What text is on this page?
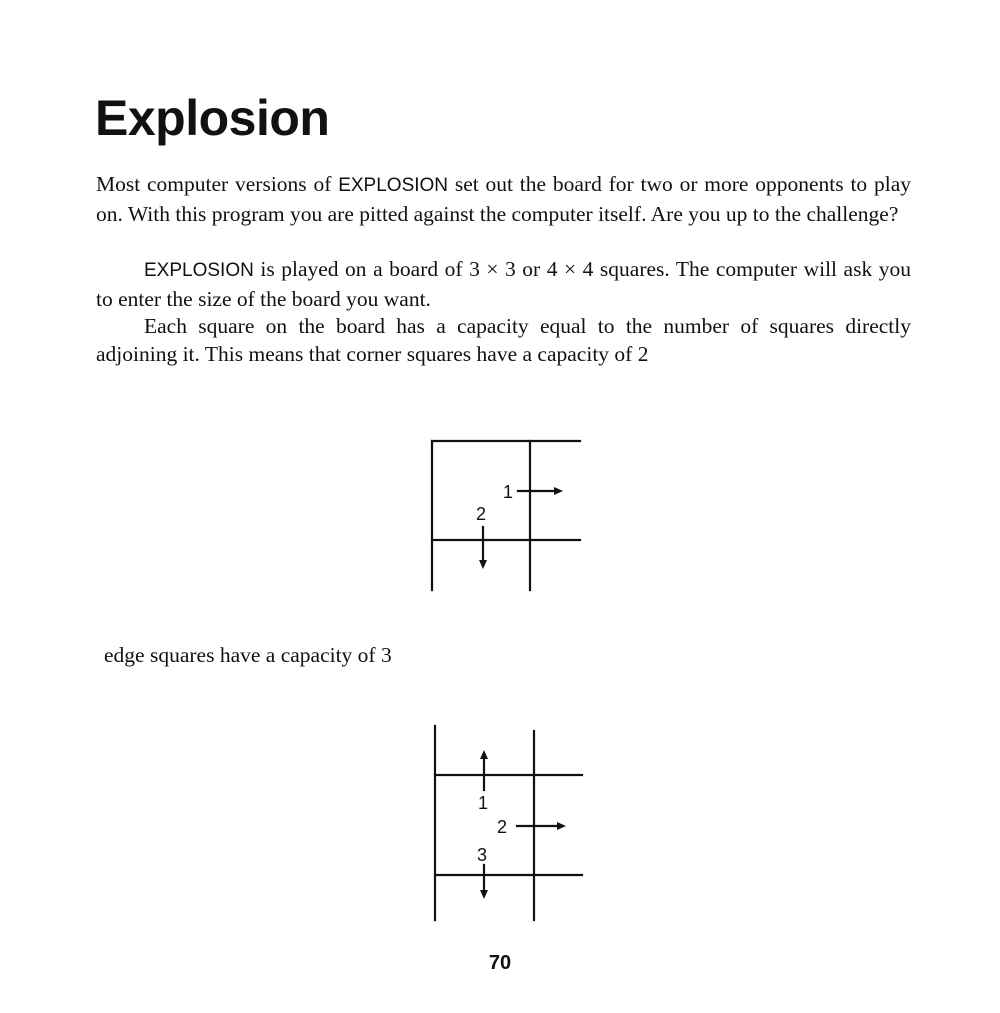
Explosion

Most computer versions of EXPLOSION set out the board for two or more opponents to play on. With this program you are pitted against the computer itself. Are you up to the challenge?

EXPLOSION is played on a board of 3 × 3 or 4 × 4 squares. The computer will ask you to enter the size of the board you want.

Each square on the board has a capacity equal to the number of squares directly adjoining it. This means that corner squares have a capacity of 2

1
2

edge squares have a capacity of 3

1
2
3
70
